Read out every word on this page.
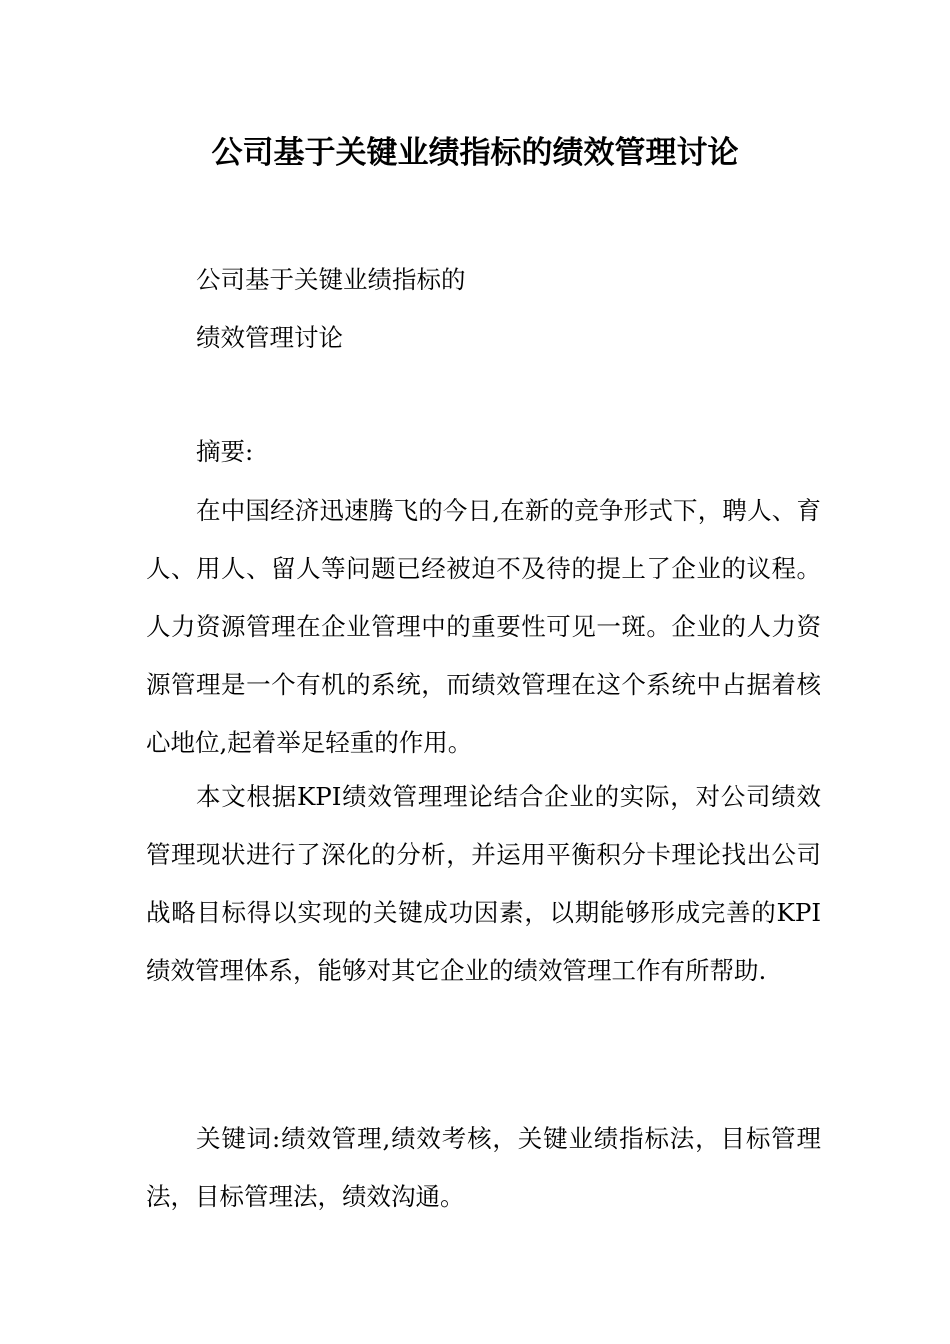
公司基于关键业绩指标的绩效管理讨论
公司基于关键业绩指标的
绩效管理讨论
摘要:
在中国经济迅速腾飞的今日,在新的竞争形式下，聘人、育人、用人、留人等问题已经被迫不及待的提上了企业的议程。人力资源管理在企业管理中的重要性可见一斑。企业的人力资源管理是一个有机的系统，而绩效管理在这个系统中占据着核心地位,起着举足轻重的作用。
本文根据KPI绩效管理理论结合企业的实际，对公司绩效管理现状进行了深化的分析，并运用平衡积分卡理论找出公司战略目标得以实现的关键成功因素，以期能够形成完善的KPI绩效管理体系，能够对其它企业的绩效管理工作有所帮助.
关键词:绩效管理,绩效考核，关键业绩指标法，目标管理法，目标管理法，绩效沟通。
